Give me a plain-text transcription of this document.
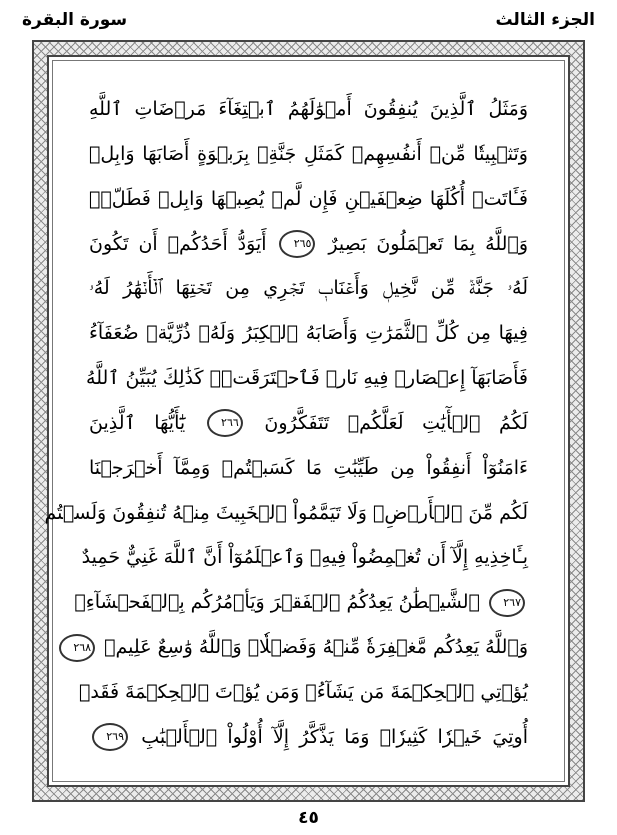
سورة البقرة	الجزء الثالث
وَمَثَلُ ٱلَّذِينَ يُنفِقُونَ أَمۡوَٰلَهُمُ ٱبۡتِغَآءَ مَرۡضَاتِ ٱللَّهِ
وَتَثۡبِيتٗا مِّنۡ أَنفُسِهِمۡ كَمَثَلِ جَنَّةِۭ بِرَبۡوَةٍ أَصَابَهَا وَابِلٞ
فَـَٔاتَتۡ أُكُلَهَا ضِعۡفَيۡنِ فَإِن لَّمۡ يُصِبۡهَا وَابِلٞ فَطَلّٞۗ
وَٱللَّهُ بِمَا تَعۡمَلُونَ بَصِيرٌ ٢٦٥ أَيَوَدُّ أَحَدُكُمۡ أَن تَكُونَ
لَهُۥ جَنَّةٞ مِّن نَّخِيلٖ وَأَعۡنَابٖ تَجۡرِي مِن تَحۡتِهَا ٱلۡأَنۡهَٰرُ لَهُۥ
فِيهَا مِن كُلِّ ٱلثَّمَرَٰتِ وَأَصَابَهُ ٱلۡكِبَرُ وَلَهُۥ ذُرِّيَّةٞ ضُعَفَآءُ
فَأَصَابَهَآ إِعۡصَارٞ فِيهِ نَارٞ فَٱحۡتَرَقَتۡۗ كَذَٰلِكَ يُبَيِّنُ ٱللَّهُ
لَكُمُ ٱلۡأٓيَٰتِ لَعَلَّكُمۡ تَتَفَكَّرُونَ ٢٦٦ يَٰٓأَيُّهَا ٱلَّذِينَ
ءَامَنُوٓاْ أَنفِقُواْ مِن طَيِّبَٰتِ مَا كَسَبۡتُمۡ وَمِمَّآ أَخۡرَجۡنَا
لَكُم مِّنَ ٱلۡأَرۡضِۖ وَلَا تَيَمَّمُواْ ٱلۡخَبِيثَ مِنۡهُ تُنفِقُونَ وَلَسۡتُم
بِـَٔاخِذِيهِ إِلَّآ أَن تُغۡمِضُواْ فِيهِۚ وَٱعۡلَمُوٓاْ أَنَّ ٱللَّهَ غَنِيٌّ حَمِيدٌ
٢٦٧ ٱلشَّيۡطَٰنُ يَعِدُكُمُ ٱلۡفَقۡرَ وَيَأۡمُرُكُم بِٱلۡفَحۡشَآءِۖ
وَٱللَّهُ يَعِدُكُم مَّغۡفِرَةٗ مِّنۡهُ وَفَضۡلٗاۗ وَٱللَّهُ وَٰسِعٌ عَلِيمٞ ٢٦٨
يُؤۡتِي ٱلۡحِكۡمَةَ مَن يَشَآءُۚ وَمَن يُؤۡتَ ٱلۡحِكۡمَةَ فَقَدۡ
أُوتِيَ خَيۡرٗا كَثِيرٗاۗ وَمَا يَذَّكَّرُ إِلَّآ أُوْلُواْ ٱلۡأَلۡبَٰبِ ٢٦٩
٤٥
